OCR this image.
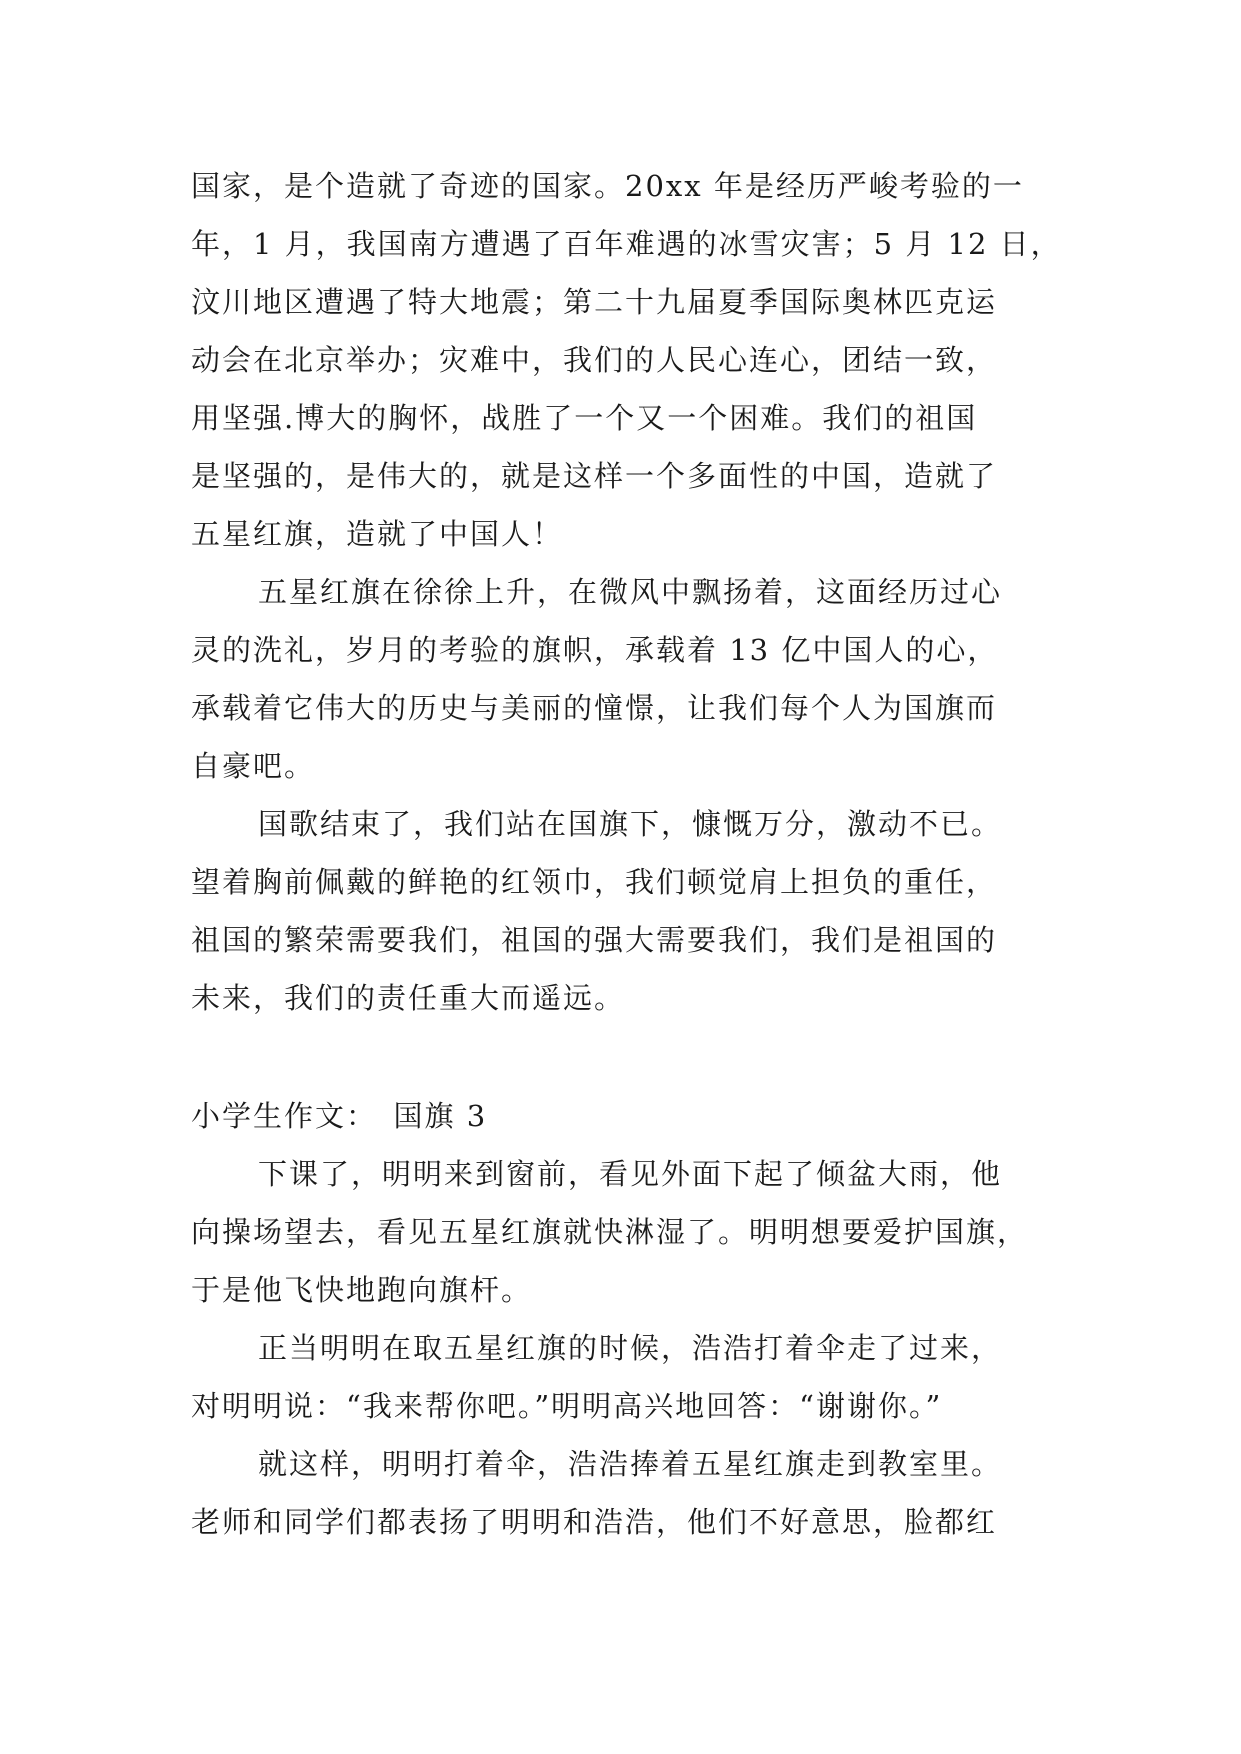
国家，是个造就了奇迹的国家。20xx 年是经历严峻考验的一
年，1 月，我国南方遭遇了百年难遇的冰雪灾害；5 月 12 日，
汶川地区遭遇了特大地震；第二十九届夏季国际奥林匹克运
动会在北京举办；灾难中，我们的人民心连心，团结一致，
用坚强.博大的胸怀，战胜了一个又一个困难。我们的祖国
是坚强的，是伟大的，就是这样一个多面性的中国，造就了
五星红旗，造就了中国人！
五星红旗在徐徐上升，在微风中飘扬着，这面经历过心
灵的洗礼，岁月的考验的旗帜，承载着 13 亿中国人的心，
承载着它伟大的历史与美丽的憧憬，让我们每个人为国旗而
自豪吧。
国歌结束了，我们站在国旗下，慷慨万分，激动不已。
望着胸前佩戴的鲜艳的红领巾，我们顿觉肩上担负的重任，
祖国的繁荣需要我们，祖国的强大需要我们，我们是祖国的
未来，我们的责任重大而遥远。
小学生作文：　国旗 3
下课了，明明来到窗前，看见外面下起了倾盆大雨，他
向操场望去，看见五星红旗就快淋湿了。明明想要爱护国旗，
于是他飞快地跑向旗杆。
正当明明在取五星红旗的时候，浩浩打着伞走了过来，
对明明说：“我来帮你吧。”明明高兴地回答：“谢谢你。”
就这样，明明打着伞，浩浩捧着五星红旗走到教室里。
老师和同学们都表扬了明明和浩浩，他们不好意思，脸都红
